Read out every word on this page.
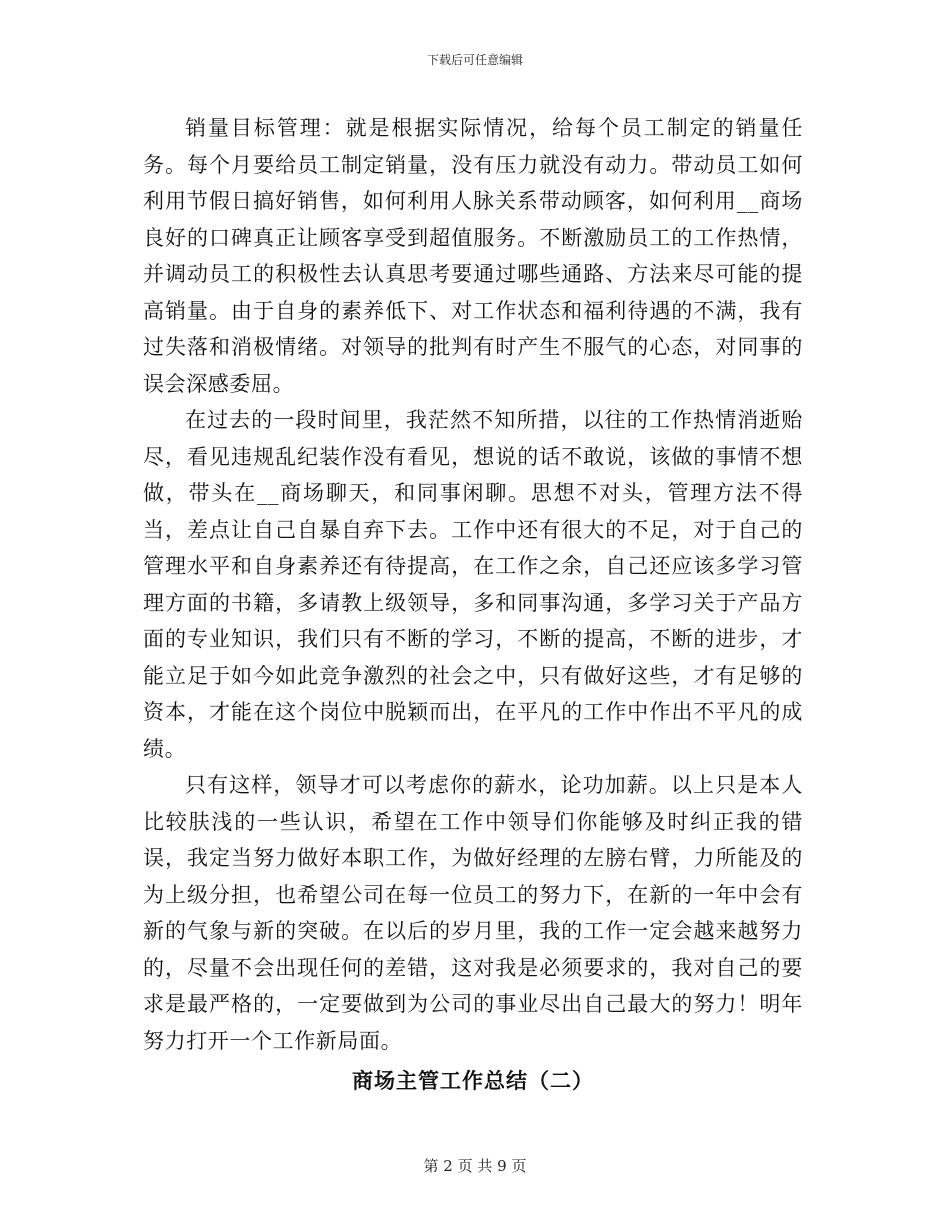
下载后可任意编辑

销量目标管理：就是根据实际情况，给每个员工制定的销量任务。每个月要给员工制定销量，没有压力就没有动力。带动员工如何利用节假日搞好销售，如何利用人脉关系带动顾客，如何利用__商场良好的口碑真正让顾客享受到超值服务。不断激励员工的工作热情，并调动员工的积极性去认真思考要通过哪些通路、方法来尽可能的提高销量。由于自身的素养低下、对工作状态和福利待遇的不满，我有过失落和消极情绪。对领导的批判有时产生不服气的心态，对同事的误会深感委屈。

在过去的一段时间里，我茫然不知所措，以往的工作热情消逝贻尽，看见违规乱纪装作没有看见，想说的话不敢说，该做的事情不想做，带头在__商场聊天，和同事闲聊。思想不对头，管理方法不得当，差点让自己自暴自弃下去。工作中还有很大的不足，对于自己的管理水平和自身素养还有待提高，在工作之余，自己还应该多学习管理方面的书籍，多请教上级领导，多和同事沟通，多学习关于产品方面的专业知识，我们只有不断的学习，不断的提高，不断的进步，才能立足于如今如此竞争激烈的社会之中，只有做好这些，才有足够的资本，才能在这个岗位中脱颖而出，在平凡的工作中作出不平凡的成绩。

只有这样，领导才可以考虑你的薪水，论功加薪。以上只是本人比较肤浅的一些认识，希望在工作中领导们你能够及时纠正我的错误，我定当努力做好本职工作，为做好经理的左膀右臂，力所能及的为上级分担，也希望公司在每一位员工的努力下，在新的一年中会有新的气象与新的突破。在以后的岁月里，我的工作一定会越来越努力的，尽量不会出现任何的差错，这对我是必须要求的，我对自己的要求是最严格的，一定要做到为公司的事业尽出自己最大的努力！明年努力打开一个工作新局面。

商场主管工作总结（二）
第 2 页 共 9 页
